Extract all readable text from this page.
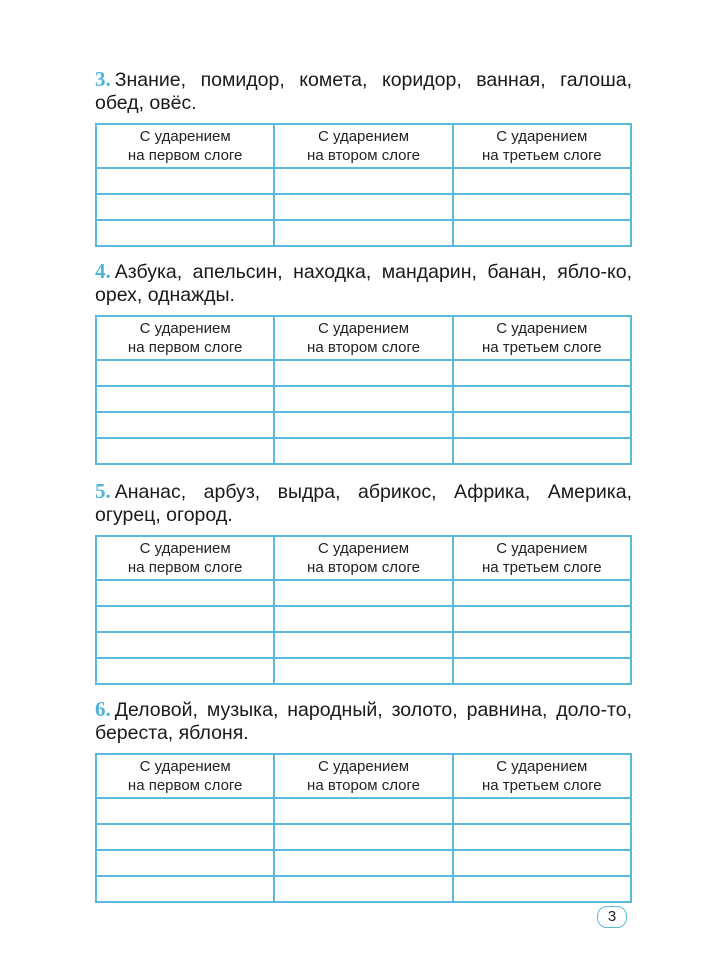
3. Знание, помидор, комета, коридор, ванная, галоша, обед, овёс.

С ударением
на первом слоге	С ударением
на втором слоге	С ударением
на третьем слоге

4. Азбука, апельсин, находка, мандарин, банан, ябло-ко, орех, однажды.

С ударением
на первом слоге	С ударением
на втором слоге	С ударением
на третьем слоге

5. Ананас, арбуз, выдра, абрикос, Африка, Америка, огурец, огород.

С ударением
на первом слоге	С ударением
на втором слоге	С ударением
на третьем слоге

6. Деловой, музыка, народный, золото, равнина, доло-то, береста, яблоня.

С ударением
на первом слоге	С ударением
на втором слоге	С ударением
на третьем слоге

3
